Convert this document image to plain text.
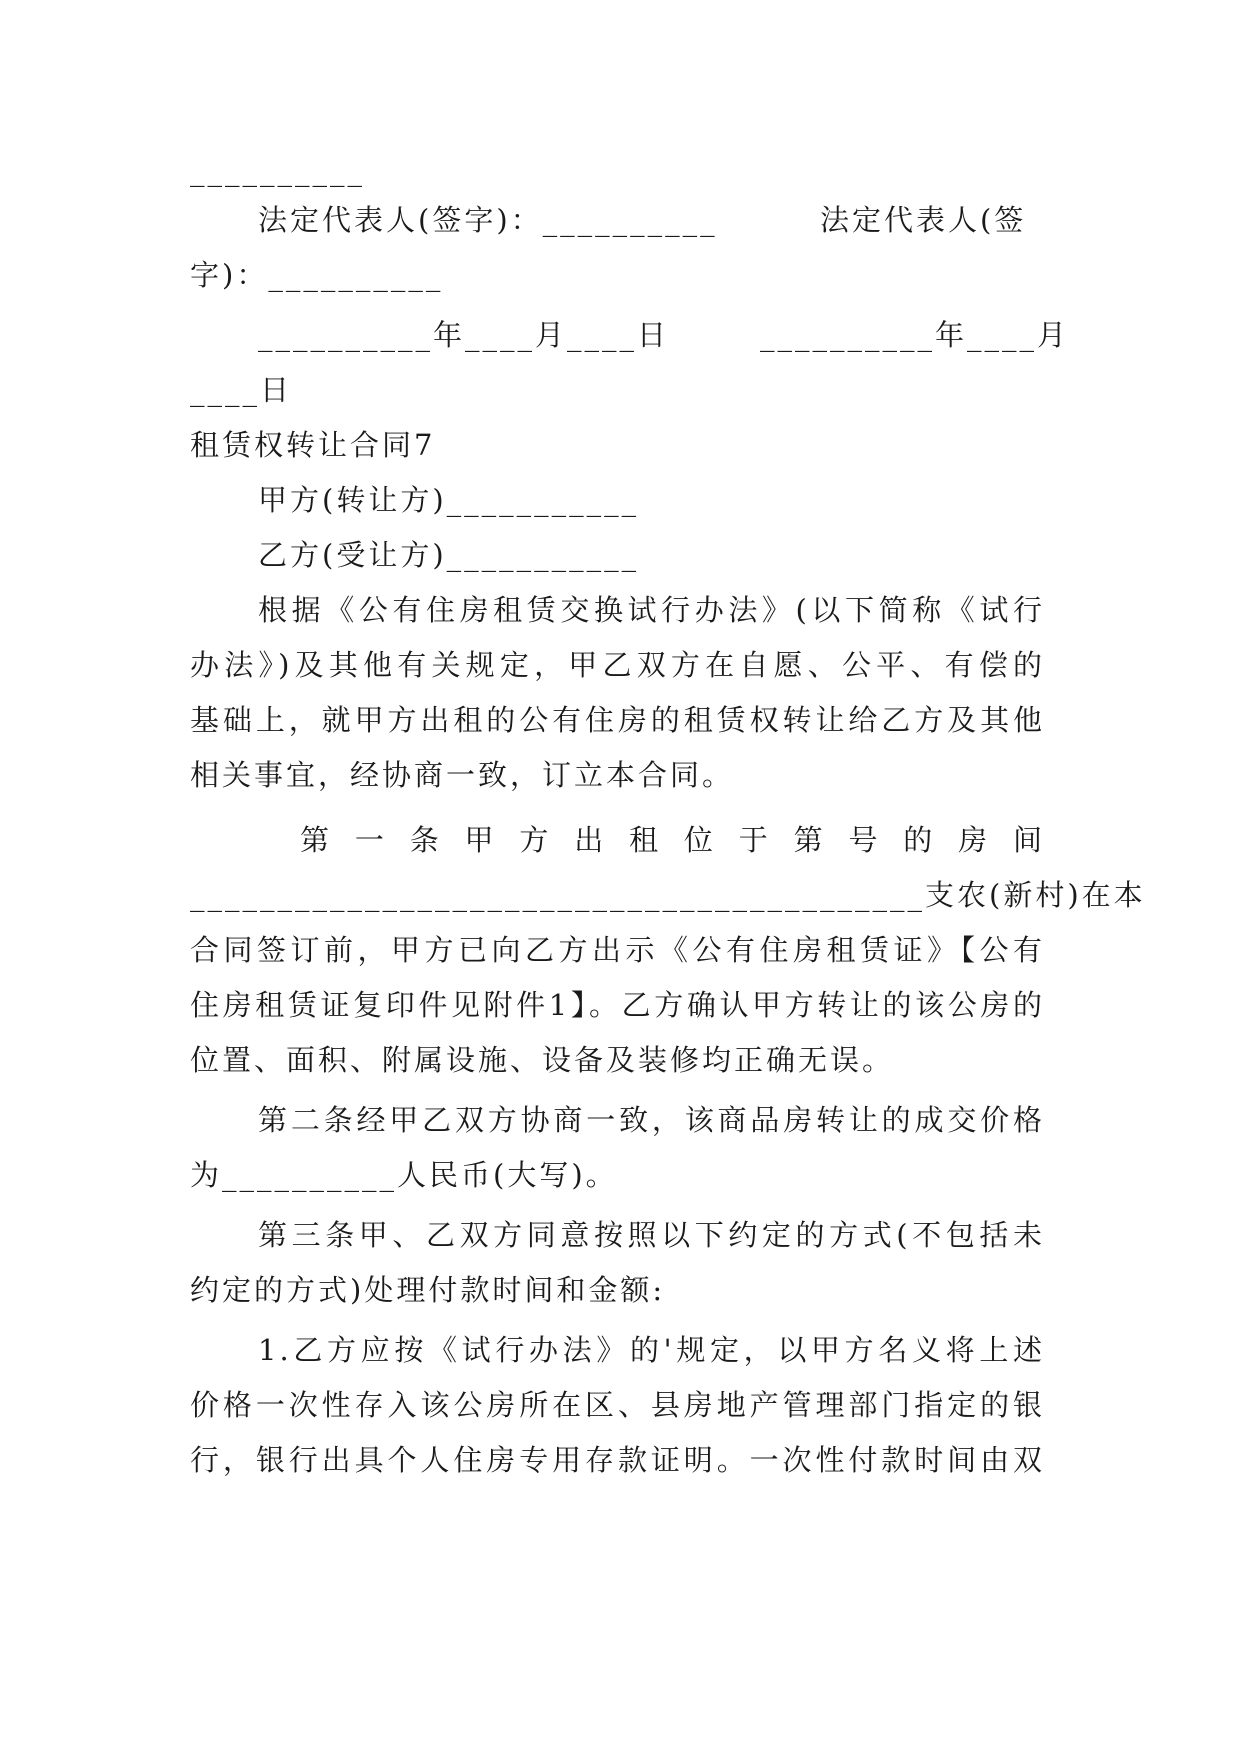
__________
法定代表人(签字)：__________	法定代表人(签
字)：__________
__________年____月____日	__________年____月
____日
租赁权转让合同7
甲方(转让方)___________
乙方(受让方)___________
根据《公有住房租赁交换试行办法》(以下简称《试行
办法》)及其他有关规定，甲乙双方在自愿、公平、有偿的
基础上，就甲方出租的公有住房的租赁权转让给乙方及其他
相关事宜，经协商一致，订立本合同。
第 一 条 甲 方 出 租 位 于 第 号 的 房 间
__________________________________________支农(新村)在本
合同签订前，甲方已向乙方出示《公有住房租赁证》【公有
住房租赁证复印件见附件1】。乙方确认甲方转让的该公房的
位置、面积、附属设施、设备及装修均正确无误。
第二条经甲乙双方协商一致，该商品房转让的成交价格
为__________人民币(大写)。
第三条甲、乙双方同意按照以下约定的方式(不包括未
约定的方式)处理付款时间和金额:
1.乙方应按《试行办法》的'规定，以甲方名义将上述
价格一次性存入该公房所在区、县房地产管理部门指定的银
行，银行出具个人住房专用存款证明。一次性付款时间由双
